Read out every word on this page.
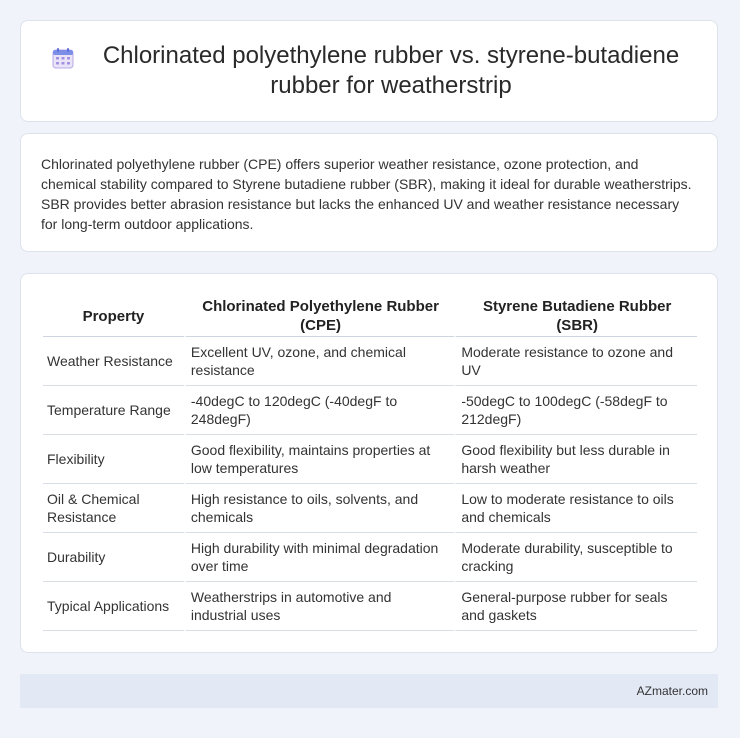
Chlorinated polyethylene rubber vs. styrene-butadiene rubber for weatherstrip

Chlorinated polyethylene rubber (CPE) offers superior weather resistance, ozone protection, and chemical stability compared to Styrene butadiene rubber (SBR), making it ideal for durable weatherstrips. SBR provides better abrasion resistance but lacks the enhanced UV and weather resistance necessary for long-term outdoor applications.

Property	Chlorinated Polyethylene Rubber (CPE)	Styrene Butadiene Rubber (SBR)
Weather Resistance	Excellent UV, ozone, and chemical resistance	Moderate resistance to ozone and UV
Temperature Range	-40degC to 120degC (-40degF to 248degF)	-50degC to 100degC (-58degF to 212degF)
Flexibility	Good flexibility, maintains properties at low temperatures	Good flexibility but less durable in harsh weather
Oil & Chemical Resistance	High resistance to oils, solvents, and chemicals	Low to moderate resistance to oils and chemicals
Durability	High durability with minimal degradation over time	Moderate durability, susceptible to cracking
Typical Applications	Weatherstrips in automotive and industrial uses	General-purpose rubber for seals and gaskets
AZmater.com
